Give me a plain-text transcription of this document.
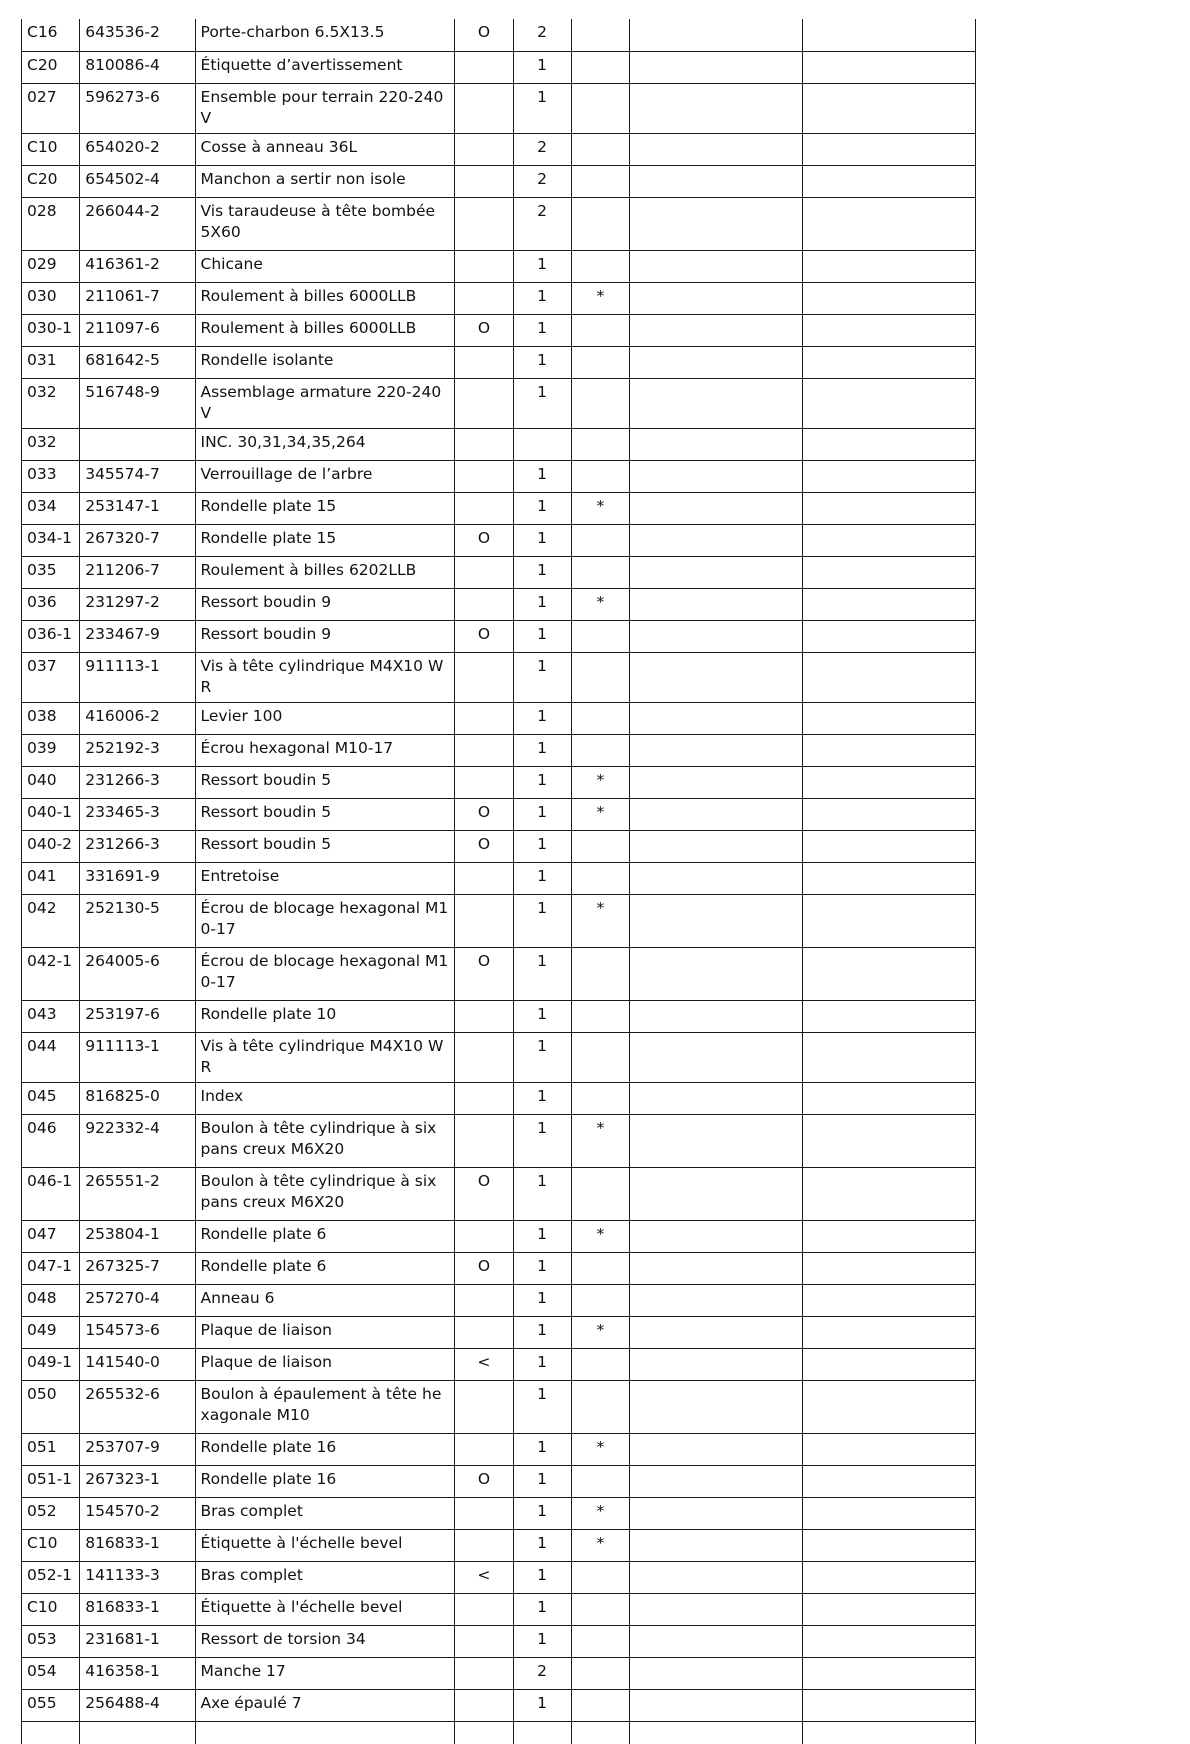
C16	643536-2	Porte-charbon 6.5X13.5	O	2			
C20	810086-4	Étiquette d’avertissement		1			
027	596273-6	Ensemble pour terrain 220-240V		1			
C10	654020-2	Cosse à anneau 36L		2			
C20	654502-4	Manchon a sertir non isole		2			
028	266044-2	Vis taraudeuse à tête bombée 5X60		2			
029	416361-2	Chicane		1			
030	211061-7	Roulement à billes 6000LLB		1	*		
030-1	211097-6	Roulement à billes 6000LLB	O	1			
031	681642-5	Rondelle isolante		1			
032	516748-9	Assemblage armature 220-240V		1			
032		INC. 30,31,34,35,264					
033	345574-7	Verrouillage de l’arbre		1			
034	253147-1	Rondelle plate 15		1	*		
034-1	267320-7	Rondelle plate 15	O	1			
035	211206-7	Roulement à billes 6202LLB		1			
036	231297-2	Ressort boudin 9		1	*		
036-1	233467-9	Ressort boudin 9	O	1			
037	911113-1	Vis à tête cylindrique M4X10 WR		1			
038	416006-2	Levier 100		1			
039	252192-3	Écrou hexagonal M10-17		1			
040	231266-3	Ressort boudin 5		1	*		
040-1	233465-3	Ressort boudin 5	O	1	*		
040-2	231266-3	Ressort boudin 5	O	1			
041	331691-9	Entretoise		1			
042	252130-5	Écrou de blocage hexagonal M10-17		1	*		
042-1	264005-6	Écrou de blocage hexagonal M10-17	O	1			
043	253197-6	Rondelle plate 10		1			
044	911113-1	Vis à tête cylindrique M4X10 WR		1			
045	816825-0	Index		1			
046	922332-4	Boulon à tête cylindrique à six pans creux M6X20		1	*		
046-1	265551-2	Boulon à tête cylindrique à six pans creux M6X20	O	1			
047	253804-1	Rondelle plate 6		1	*		
047-1	267325-7	Rondelle plate 6	O	1			
048	257270-4	Anneau 6		1			
049	154573-6	Plaque de liaison		1	*		
049-1	141540-0	Plaque de liaison	<	1			
050	265532-6	Boulon à épaulement à tête hexagonale M10		1			
051	253707-9	Rondelle plate 16		1	*		
051-1	267323-1	Rondelle plate 16	O	1			
052	154570-2	Bras complet		1	*		
C10	816833-1	Étiquette à l'échelle bevel		1	*		
052-1	141133-3	Bras complet	<	1			
C10	816833-1	Étiquette à l'échelle bevel		1			
053	231681-1	Ressort de torsion 34		1			
054	416358-1	Manche 17		2			
055	256488-4	Axe épaulé 7		1			
